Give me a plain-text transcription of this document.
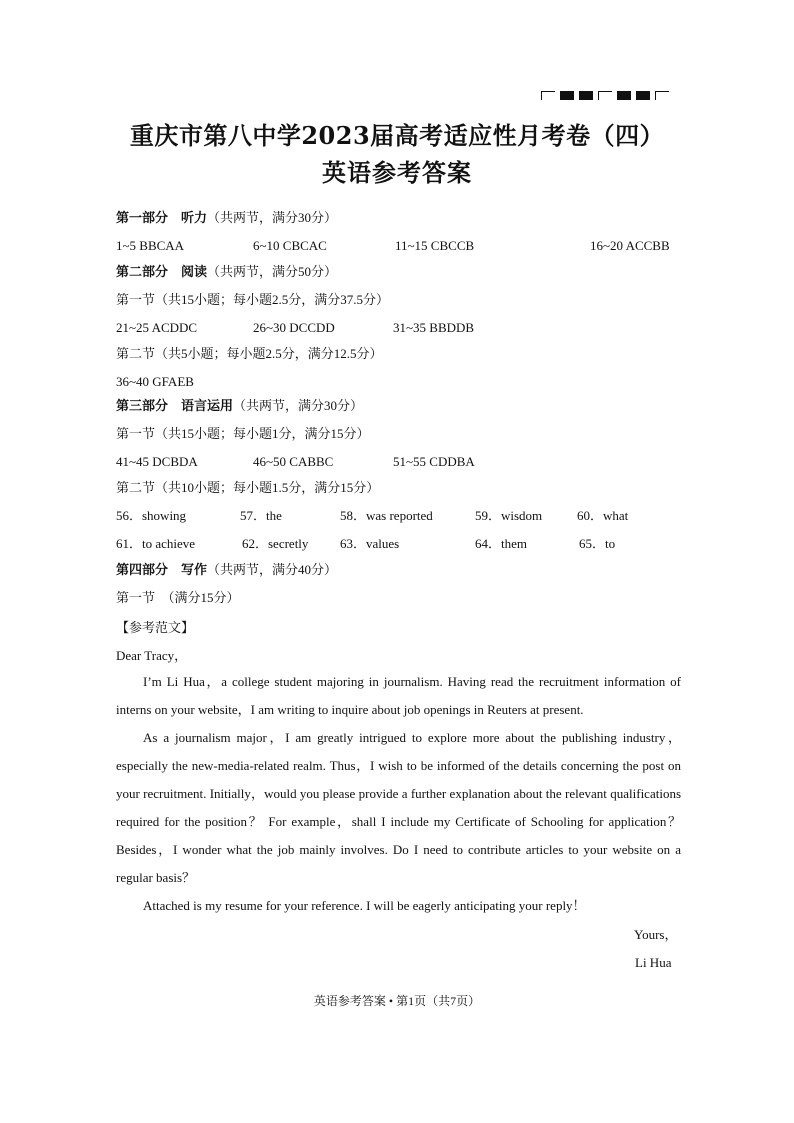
重庆市第八中学2023届高考适应性月考卷（四）
英语参考答案
第一部分　听力（共两节，满分30分）
1~5 BBCAA	6~10 CBCAC	11~15 CBCCB	16~20 ACCBB
第二部分　阅读（共两节，满分50分）
第一节（共15小题；每小题2.5分，满分37.5分）
21~25 ACDDC	26~30 DCCDD	31~35 BBDDB
第二节（共5小题；每小题2.5分，满分12.5分）
36~40 GFAEB
第三部分　语言运用（共两节，满分30分）
第一节（共15小题；每小题1分，满分15分）
41~45 DCBDA	46~50 CABBC	51~55 CDDBA
第二节（共10小题；每小题1.5分，满分15分）
56．showing	57．the	58．was reported	59．wisdom	60．what
61．to achieve	62．secretly 63．values	64．them	65．to
第四部分　写作（共两节，满分40分）
第一节　（满分15分）
【参考范文】
Dear Tracy，

I’m Li Hua，a college student majoring in journalism. Having read the recruitment information of interns on your website，I am writing to inquire about job openings in Reuters at present.

As a journalism major，I am greatly intrigued to explore more about the publishing industry，especially the new-media-related realm. Thus，I wish to be informed of the details concerning the post on your recruitment. Initially，would you please provide a further explanation about the relevant qualifications required for the position？ For example，shall I include my Certificate of Schooling for application？ Besides，I wonder what the job mainly involves. Do I need to contribute articles to your website on a regular basis？

Attached is my resume for your reference. I will be eagerly anticipating your reply！

Yours，
Li Hua
英语参考答案 • 第1页（共7页）
